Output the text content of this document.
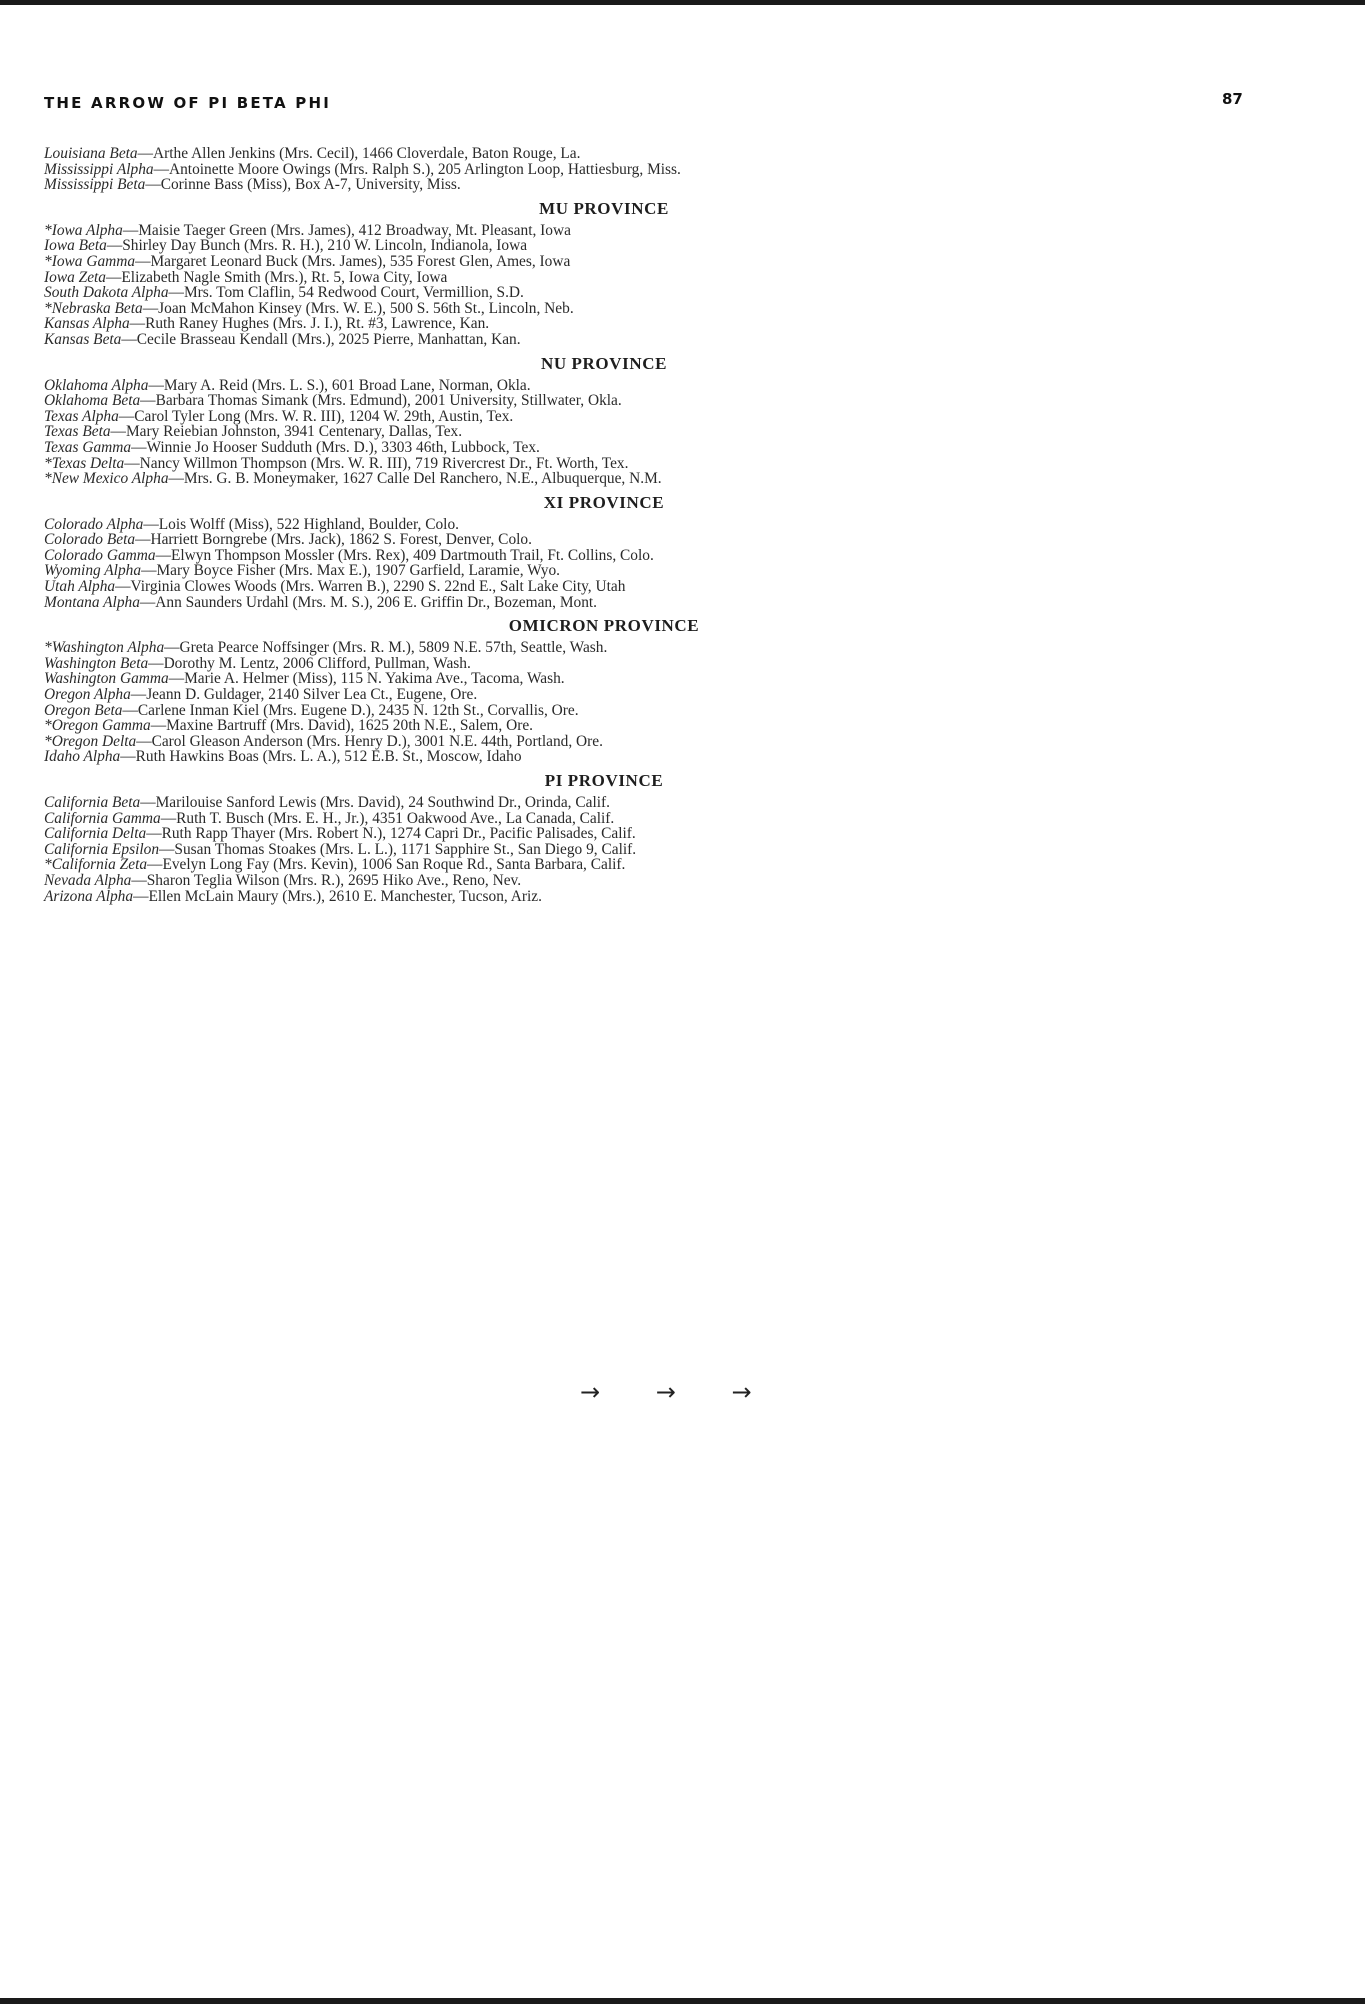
THE ARROW OF PI BETA PHI	87
Louisiana Beta—Arthe Allen Jenkins (Mrs. Cecil), 1466 Cloverdale, Baton Rouge, La.
Mississippi Alpha—Antoinette Moore Owings (Mrs. Ralph S.), 205 Arlington Loop, Hattiesburg, Miss.
Mississippi Beta—Corinne Bass (Miss), Box A-7, University, Miss.
MU PROVINCE
*Iowa Alpha—Maisie Taeger Green (Mrs. James), 412 Broadway, Mt. Pleasant, Iowa
Iowa Beta—Shirley Day Bunch (Mrs. R. H.), 210 W. Lincoln, Indianola, Iowa
*Iowa Gamma—Margaret Leonard Buck (Mrs. James), 535 Forest Glen, Ames, Iowa
Iowa Zeta—Elizabeth Nagle Smith (Mrs.), Rt. 5, Iowa City, Iowa
South Dakota Alpha—Mrs. Tom Claflin, 54 Redwood Court, Vermillion, S.D.
*Nebraska Beta—Joan McMahon Kinsey (Mrs. W. E.), 500 S. 56th St., Lincoln, Neb.
Kansas Alpha—Ruth Raney Hughes (Mrs. J. I.), Rt. #3, Lawrence, Kan.
Kansas Beta—Cecile Brasseau Kendall (Mrs.), 2025 Pierre, Manhattan, Kan.
NU PROVINCE
Oklahoma Alpha—Mary A. Reid (Mrs. L. S.), 601 Broad Lane, Norman, Okla.
Oklahoma Beta—Barbara Thomas Simank (Mrs. Edmund), 2001 University, Stillwater, Okla.
Texas Alpha—Carol Tyler Long (Mrs. W. R. III), 1204 W. 29th, Austin, Tex.
Texas Beta—Mary Reiebian Johnston, 3941 Centenary, Dallas, Tex.
Texas Gamma—Winnie Jo Hooser Sudduth (Mrs. D.), 3303 46th, Lubbock, Tex.
*Texas Delta—Nancy Willmon Thompson (Mrs. W. R. III), 719 Rivercrest Dr., Ft. Worth, Tex.
*New Mexico Alpha—Mrs. G. B. Moneymaker, 1627 Calle Del Ranchero, N.E., Albuquerque, N.M.
XI PROVINCE
Colorado Alpha—Lois Wolff (Miss), 522 Highland, Boulder, Colo.
Colorado Beta—Harriett Borngrebe (Mrs. Jack), 1862 S. Forest, Denver, Colo.
Colorado Gamma—Elwyn Thompson Mossler (Mrs. Rex), 409 Dartmouth Trail, Ft. Collins, Colo.
Wyoming Alpha—Mary Boyce Fisher (Mrs. Max E.), 1907 Garfield, Laramie, Wyo.
Utah Alpha—Virginia Clowes Woods (Mrs. Warren B.), 2290 S. 22nd E., Salt Lake City, Utah
Montana Alpha—Ann Saunders Urdahl (Mrs. M. S.), 206 E. Griffin Dr., Bozeman, Mont.
OMICRON PROVINCE
*Washington Alpha—Greta Pearce Noffsinger (Mrs. R. M.), 5809 N.E. 57th, Seattle, Wash.
Washington Beta—Dorothy M. Lentz, 2006 Clifford, Pullman, Wash.
Washington Gamma—Marie A. Helmer (Miss), 115 N. Yakima Ave., Tacoma, Wash.
Oregon Alpha—Jeann D. Guldager, 2140 Silver Lea Ct., Eugene, Ore.
Oregon Beta—Carlene Inman Kiel (Mrs. Eugene D.), 2435 N. 12th St., Corvallis, Ore.
*Oregon Gamma—Maxine Bartruff (Mrs. David), 1625 20th N.E., Salem, Ore.
*Oregon Delta—Carol Gleason Anderson (Mrs. Henry D.), 3001 N.E. 44th, Portland, Ore.
Idaho Alpha—Ruth Hawkins Boas (Mrs. L. A.), 512 E.B. St., Moscow, Idaho
PI PROVINCE
California Beta—Marilouise Sanford Lewis (Mrs. David), 24 Southwind Dr., Orinda, Calif.
California Gamma—Ruth T. Busch (Mrs. E. H., Jr.), 4351 Oakwood Ave., La Canada, Calif.
California Delta—Ruth Rapp Thayer (Mrs. Robert N.), 1274 Capri Dr., Pacific Palisades, Calif.
California Epsilon—Susan Thomas Stoakes (Mrs. L. L.), 1171 Sapphire St., San Diego 9, Calif.
*California Zeta—Evelyn Long Fay (Mrs. Kevin), 1006 San Roque Rd., Santa Barbara, Calif.
Nevada Alpha—Sharon Teglia Wilson (Mrs. R.), 2695 Hiko Ave., Reno, Nev.
Arizona Alpha—Ellen McLain Maury (Mrs.), 2610 E. Manchester, Tucson, Ariz.
→ → →
